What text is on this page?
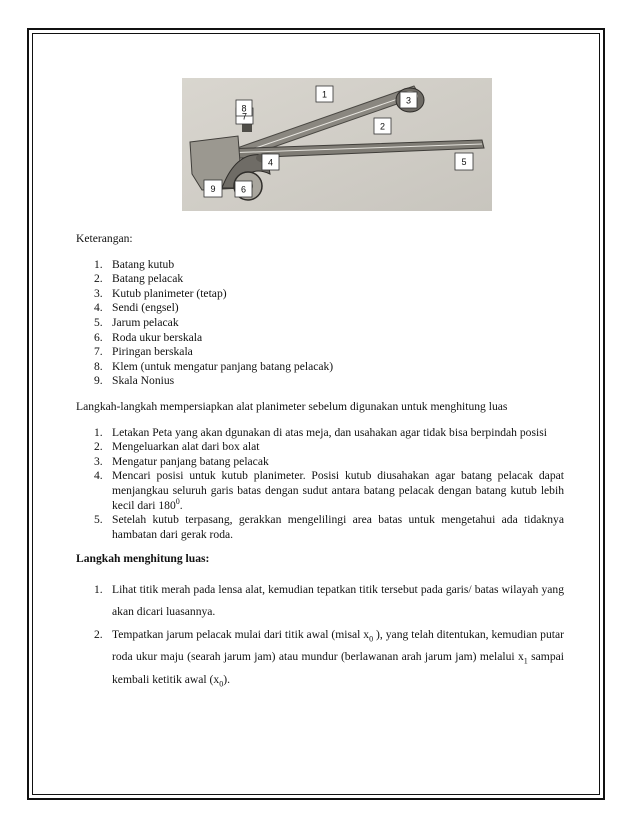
1
2
3
4	5
6
7
8
9

Keterangan:

1. Batang kutub
2. Batang pelacak
3. Kutub planimeter (tetap)
4. Sendi (engsel)
5. Jarum pelacak
6. Roda ukur berskala
7. Piringan berskala
8. Klem (untuk mengatur panjang batang pelacak)
9. Skala Nonius

Langkah-langkah mempersiapkan alat planimeter sebelum digunakan untuk menghitung luas

1. Letakan Peta yang akan dgunakan di atas meja, dan usahakan agar tidak bisa berpindah posisi
2. Mengeluarkan alat dari box alat
3. Mengatur panjang batang pelacak
4. Mencari posisi untuk kutub planimeter. Posisi kutub diusahakan agar batang pelacak dapat menjangkau seluruh garis batas dengan sudut antara batang pelacak dengan batang kutub lebih kecil dari $180^0$.
5. Setelah kutub terpasang, gerakkan mengelilingi area batas untuk mengetahui ada tidaknya hambatan dari gerak roda.

Langkah menghitung luas:

1. Lihat titik merah pada lensa alat, kemudian tepatkan titik tersebut pada garis/ batas wilayah yang akan dicari luasannya.
2. Tempatkan jarum pelacak mulai dari titik awal (misal $x_0$ ), yang telah ditentukan, kemudian putar roda ukur maju (searah jarum jam) atau mundur (berlawanan arah jarum jam) melalui $x_1$ sampai kembali ketitik awal $(x_0)$.
